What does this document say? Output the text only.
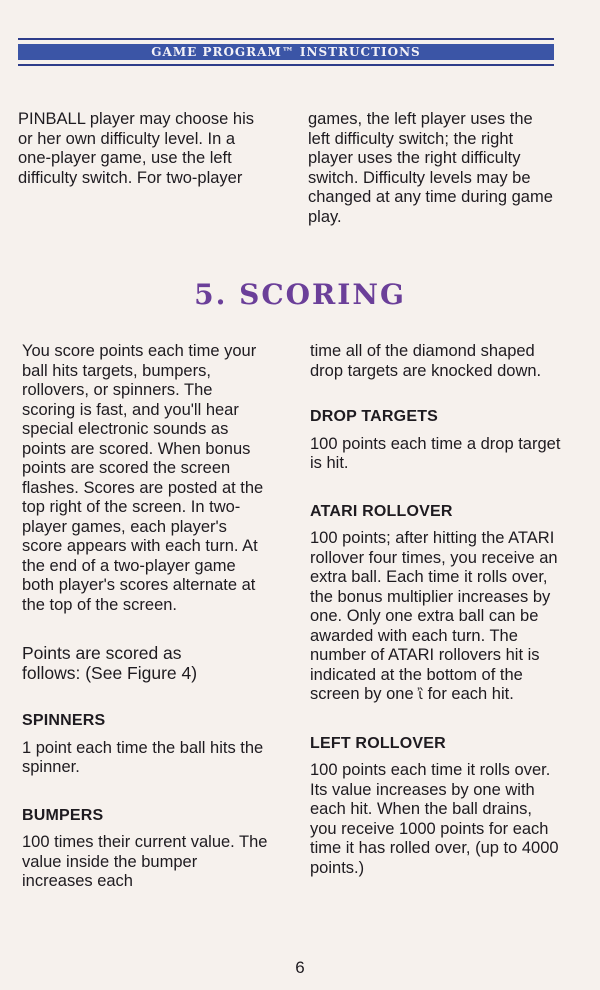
GAME PROGRAM™ INSTRUCTIONS

PINBALL player may choose his or her own difficulty level. In a one-player game, use the left difficulty switch. For two-player

games, the left player uses the left difficulty switch; the right player uses the right difficulty switch. Difficulty levels may be changed at any time during game play.

5. SCORING

You score points each time your ball hits targets, bumpers, rollovers, or spinners. The scoring is fast, and you'll hear special electronic sounds as points are scored. When bonus points are scored the screen flashes. Scores are posted at the top right of the screen. In two-player games, each player's score appears with each turn. At the end of a two-player game both player's scores alternate at the top of the screen.

Points are scored as

follows: (See Figure 4)

SPINNERS

1 point each time the ball hits the spinner.

BUMPERS

100 times their current value. The value inside the bumper increases each

time all of the diamond shaped drop targets are knocked down.

DROP TARGETS

100 points each time a drop target is hit.

ATARI ROLLOVER

100 points; after hitting the ATARI rollover four times, you receive an extra ball. Each time it rolls over, the bonus multiplier increases by one. Only one extra ball can be awarded with each turn. The number of ATARI rollovers hit is indicated at the bottom of the screen by one ἲ for each hit.

LEFT ROLLOVER

100 points each time it rolls over. Its value increases by one with each hit. When the ball drains, you receive 1000 points for each time it has rolled over, (up to 4000 points.)

6
